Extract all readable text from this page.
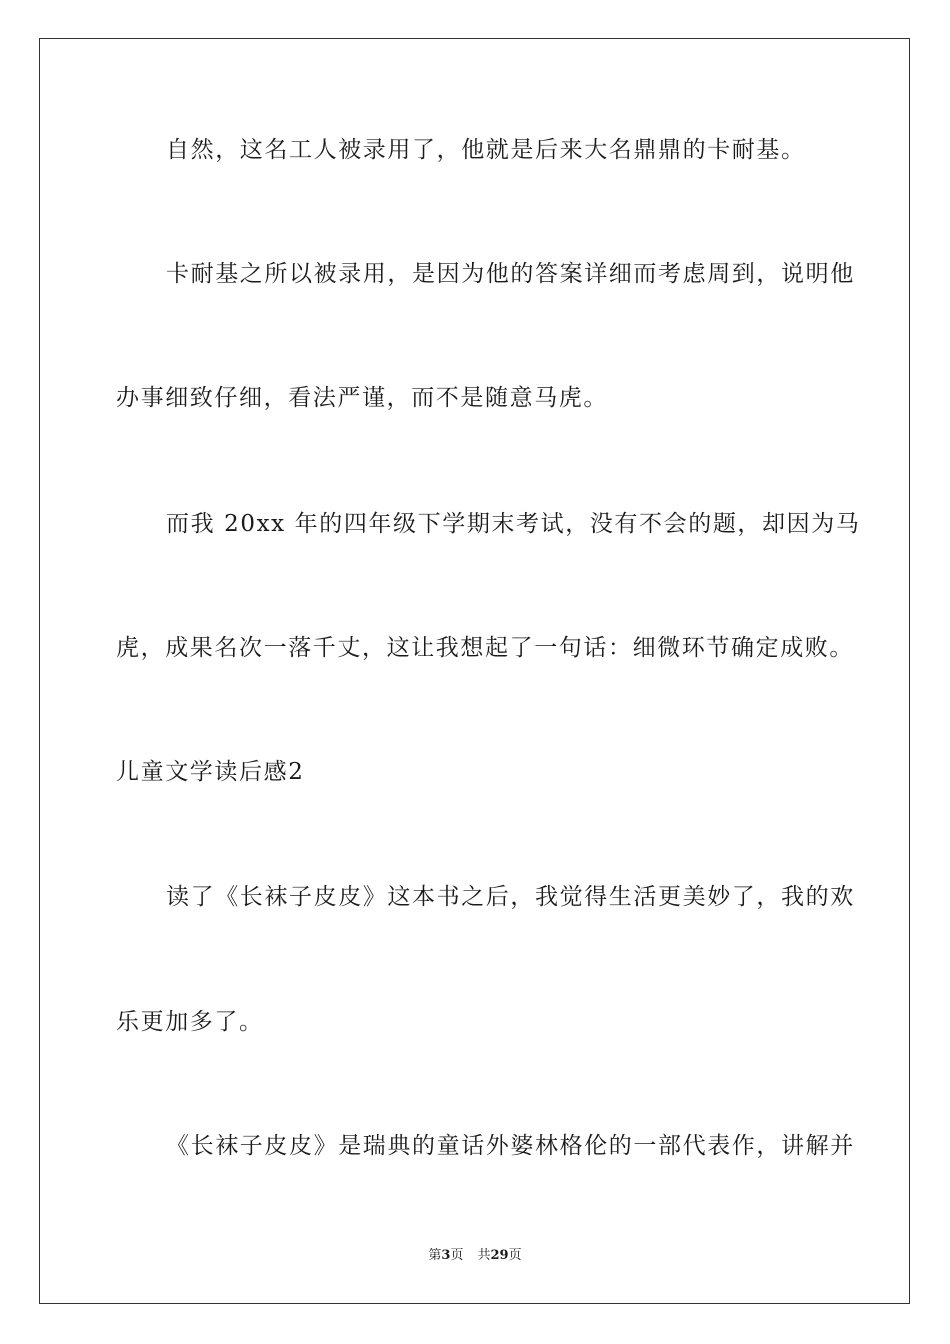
自然，这名工人被录用了，他就是后来大名鼎鼎的卡耐基。
卡耐基之所以被录用，是因为他的答案详细而考虑周到，说明他
办事细致仔细，看法严谨，而不是随意马虎。
而我 20xx 年的四年级下学期末考试，没有不会的题，却因为马
虎，成果名次一落千丈，这让我想起了一句话：细微环节确定成败。
儿童文学读后感2
读了《长袜子皮皮》这本书之后，我觉得生活更美妙了，我的欢
乐更加多了。
《长袜子皮皮》是瑞典的童话外婆林格伦的一部代表作，讲解并
第3页 共29页
